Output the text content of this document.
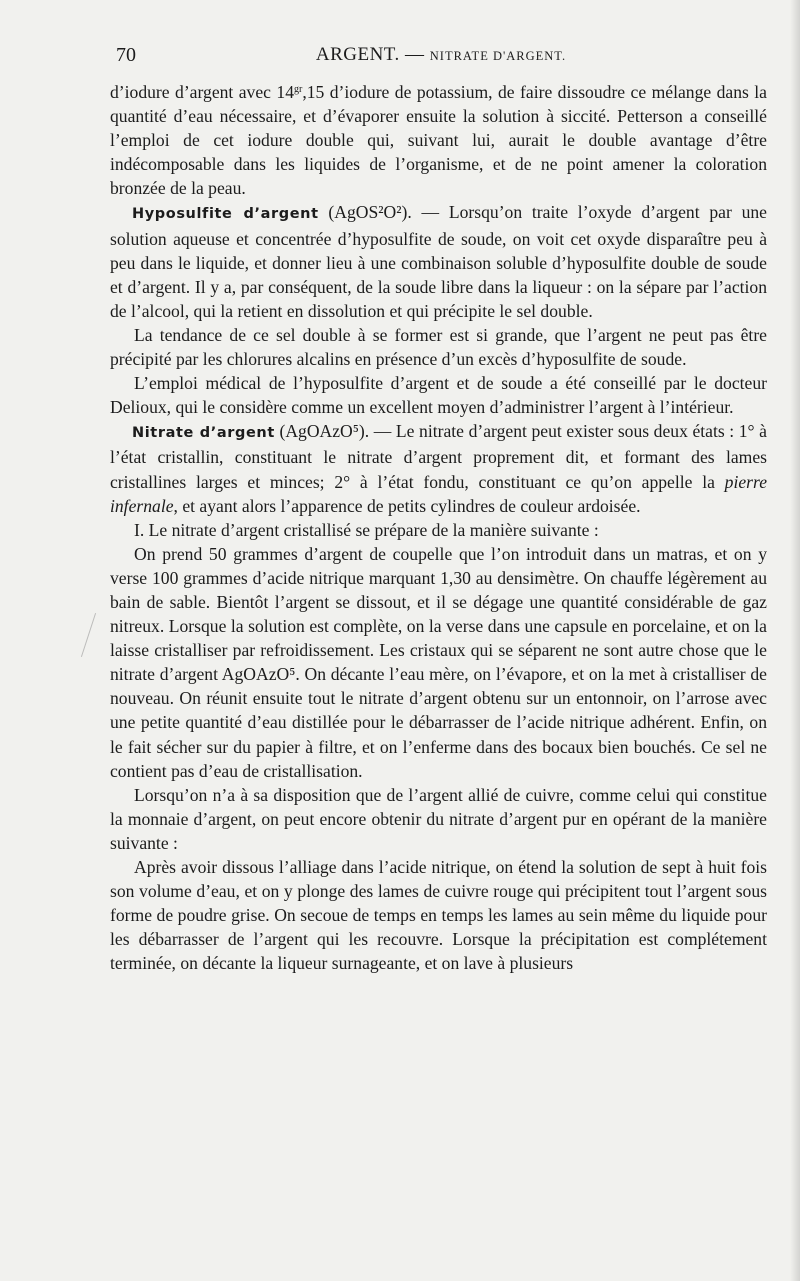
70	ARGENT. — NITRATE D'ARGENT.

d’iodure d’argent avec $14^{gr},15$ d’iodure de potassium, de faire dissoudre ce mélange dans la quantité d’eau nécessaire, et d’évaporer ensuite la solution à siccité. Petterson a conseillé l’emploi de cet iodure double qui, suivant lui, aurait le double avantage d’être indécomposable dans les liquides de l’organisme, et de ne point amener la coloration bronzée de la peau.

Hyposulfite d’argent (AgOS²O²). — Lorsqu’on traite l’oxyde d’argent par une solution aqueuse et concentrée d’hyposulfite de soude, on voit cet oxyde disparaître peu à peu dans le liquide, et donner lieu à une combinaison soluble d’hyposulfite double de soude et d’argent. Il y a, par conséquent, de la soude libre dans la liqueur : on la sépare par l’action de l’alcool, qui la retient en dissolution et qui précipite le sel double.

La tendance de ce sel double à se former est si grande, que l’argent ne peut pas être précipité par les chlorures alcalins en présence d’un excès d’hyposulfite de soude.

L’emploi médical de l’hyposulfite d’argent et de soude a été conseillé par le docteur Delioux, qui le considère comme un excellent moyen d’administrer l’argent à l’intérieur.

Nitrate d’argent (AgOAzO⁵). — Le nitrate d’argent peut exister sous deux états : 1° à l’état cristallin, constituant le nitrate d’argent proprement dit, et formant des lames cristallines larges et minces; 2° à l’état fondu, constituant ce qu’on appelle la pierre infernale, et ayant alors l’apparence de petits cylindres de couleur ardoisée.

I. Le nitrate d’argent cristallisé se prépare de la manière suivante :

On prend 50 grammes d’argent de coupelle que l’on introduit dans un matras, et on y verse 100 grammes d’acide nitrique marquant 1,30 au densimètre. On chauffe légèrement au bain de sable. Bientôt l’argent se dissout, et il se dégage une quantité considérable de gaz nitreux. Lorsque la solution est complète, on la verse dans une capsule en porcelaine, et on la laisse cristalliser par refroidissement. Les cristaux qui se séparent ne sont autre chose que le nitrate d’argent AgOAzO⁵. On décante l’eau mère, on l’évapore, et on la met à cristalliser de nouveau. On réunit ensuite tout le nitrate d’argent obtenu sur un entonnoir, on l’arrose avec une petite quantité d’eau distillée pour le débarrasser de l’acide nitrique adhérent. Enfin, on le fait sécher sur du papier à filtre, et on l’enferme dans des bocaux bien bouchés. Ce sel ne contient pas d’eau de cristallisation.

Lorsqu’on n’a à sa disposition que de l’argent allié de cuivre, comme celui qui constitue la monnaie d’argent, on peut encore obtenir du nitrate d’argent pur en opérant de la manière suivante :

Après avoir dissous l’alliage dans l’acide nitrique, on étend la solution de sept à huit fois son volume d’eau, et on y plonge des lames de cuivre rouge qui précipitent tout l’argent sous forme de poudre grise. On secoue de temps en temps les lames au sein même du liquide pour les débarrasser de l’argent qui les recouvre. Lorsque la précipitation est complétement terminée, on décante la liqueur surnageante, et on lave à plusieurs
